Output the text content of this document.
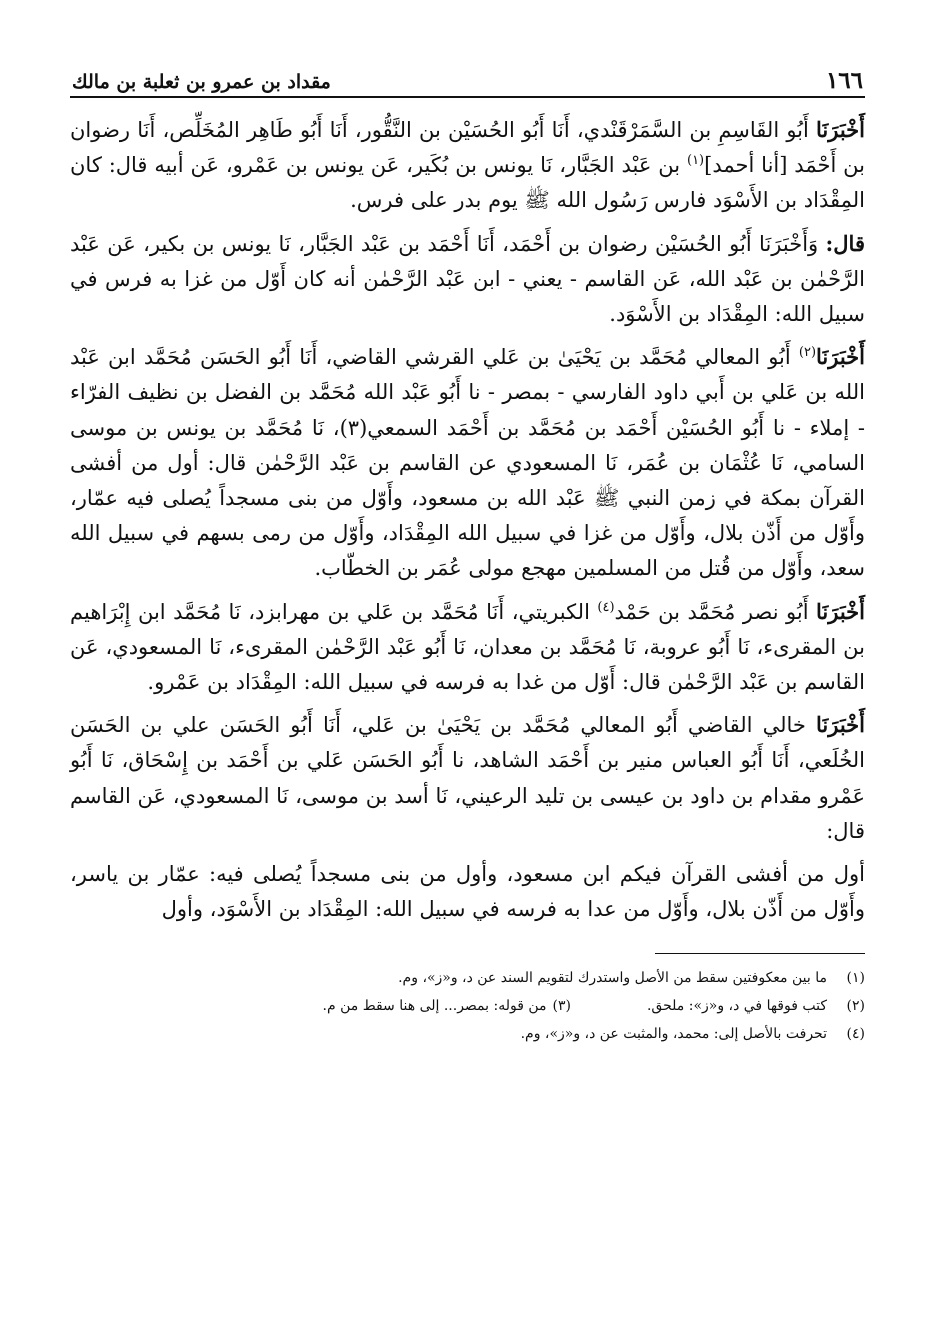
١٦٦
مقداد بن عمرو بن ثعلبة بن مالك

أَخْبَرَنَا أَبُو القَاسِمِ بن السَّمَرْقَنْدي، أَنَا أَبُو الحُسَيْن بن النَّقُّور، أَنَا أَبُو طَاهِر المُخَلِّص، أَنَا رضوان بن أَحْمَد [أنا أحمد]$^{(١)}$ بن عَبْد الجَبَّار، نَا يونس بن بُكَير، عَن يونس بن عَمْرو، عَن أبيه قال: كان المِقْدَاد بن الأَسْوَد فارس رَسُول الله ﷺ يوم بدر على فرس.

قال: وَأَخْبَرَنَا أَبُو الحُسَيْن رضوان بن أَحْمَد، أَنَا أَحْمَد بن عَبْد الجَبَّار، نَا يونس بن بكير، عَن عَبْد الرَّحْمٰن بن عَبْد الله، عَن القاسم - يعني - ابن عَبْد الرَّحْمٰن أنه كان أَوّل من غزا به فرس في سبيل الله: المِقْدَاد بن الأَسْوَد.

أَخْبَرَنَا$^{(٢)}$ أَبُو المعالي مُحَمَّد بن يَحْيَىٰ بن عَلي القرشي القاضي، أَنَا أَبُو الحَسَن مُحَمَّد ابن عَبْد الله بن عَلي بن أَبي داود الفارسي - بمصر - نا أَبُو عَبْد الله مُحَمَّد بن الفضل بن نظيف الفرّاء - إملاء - نا أَبُو الحُسَيْن أَحْمَد بن مُحَمَّد بن أَحْمَد السمعي(٣)، نَا مُحَمَّد بن يونس بن موسى السامي، نَا عُثْمَان بن عُمَر، نَا المسعودي عن القاسم بن عَبْد الرَّحْمٰن قال: أول من أفشى القرآن بمكة في زمن النبي ﷺ عَبْد الله بن مسعود، وأَوّل من بنى مسجداً يُصلى فيه عمّار، وأَوّل من أَذّن بلال، وأَوّل من غزا في سبيل الله المِقْدَاد، وأَوّل من رمى بسهم في سبيل الله سعد، وأَوّل من قُتل من المسلمين مهجع مولى عُمَر بن الخطّاب.

أَخْبَرَنَا أَبُو نصر مُحَمَّد بن حَمْد$^{(٤)}$ الكبريتي، أَنَا مُحَمَّد بن عَلي بن مهرابزد، نَا مُحَمَّد ابن إِبْرَاهيم بن المقرىء، نَا أَبُو عروبة، نَا مُحَمَّد بن معدان، نَا أَبُو عَبْد الرَّحْمٰن المقرىء، نَا المسعودي، عَن القاسم بن عَبْد الرَّحْمٰن قال: أَوّل من غدا به فرسه في سبيل الله: المِقْدَاد بن عَمْرو.

أَخْبَرَنَا خالي القاضي أَبُو المعالي مُحَمَّد بن يَحْيَىٰ بن عَلي، أَنَا أَبُو الحَسَن علي بن الحَسَن الخُلَعي، أَنَا أَبُو العباس منير بن أَحْمَد الشاهد، نا أَبُو الحَسَن عَلي بن أَحْمَد بن إِسْحَاق، نَا أَبُو عَمْرو مقدام بن داود بن عيسى بن تليد الرعيني، نَا أسد بن موسى، نَا المسعودي، عَن القاسم قال:

أول من أفشى القرآن فيكم ابن مسعود، وأول من بنى مسجداً يُصلى فيه: عمّار بن ياسر، وأَوّل من أَذّن بلال، وأَوّل من عدا به فرسه في سبيل الله: المِقْدَاد بن الأَسْوَد، وأول

(١)
ما بين معكوفتين سقط من الأصل واستدرك لتقويم السند عن د، و«ز»، وم.
(٢)
كتب فوقها في د، و«ز»: ملحق.
(٣)
من قوله: بمصر... إلى هنا سقط من م.
(٤)
تحرفت بالأصل إلى: محمد، والمثبت عن د، و«ز»، وم.
